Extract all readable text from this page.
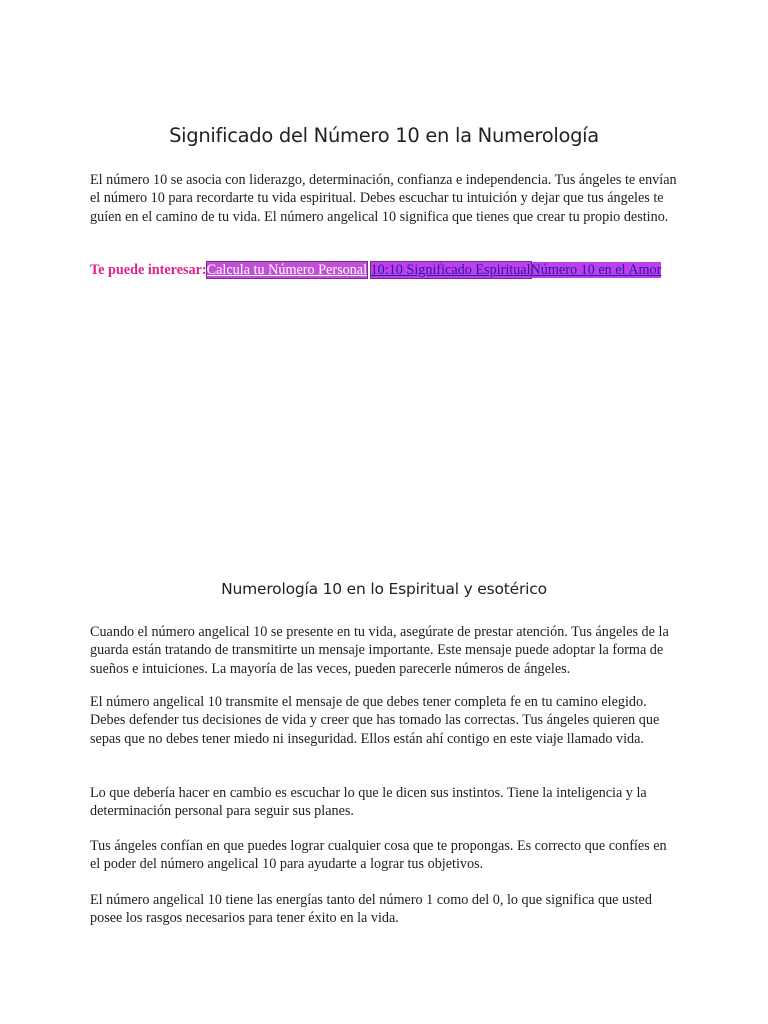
Significado del Número 10 en la Numerología

El número 10 se asocia con liderazgo, determinación, confianza e independencia. Tus ángeles te envían el número 10 para recordarte tu vida espiritual. Debes escuchar tu intuición y dejar que tus ángeles te guíen en el camino de tu vida. El número angelical 10 significa que tienes que crear tu propio destino.

Te puede interesar:Calcula tu Número Personal 10:10 Significado EspiritualNúmero 10 en el Amor

Numerología 10 en lo Espiritual y esotérico

Cuando el número angelical 10 se presente en tu vida, asegúrate de prestar atención. Tus ángeles de la guarda están tratando de transmitirte un mensaje importante. Este mensaje puede adoptar la forma de sueños e intuiciones. La mayoría de las veces, pueden parecerle números de ángeles.

El número angelical 10 transmite el mensaje de que debes tener completa fe en tu camino elegido. Debes defender tus decisiones de vida y creer que has tomado las correctas. Tus ángeles quieren que sepas que no debes tener miedo ni inseguridad. Ellos están ahí contigo en este viaje llamado vida.

Lo que debería hacer en cambio es escuchar lo que le dicen sus instintos. Tiene la inteligencia y la determinación personal para seguir sus planes.

Tus ángeles confían en que puedes lograr cualquier cosa que te propongas. Es correcto que confíes en el poder del número angelical 10 para ayudarte a lograr tus objetivos.

El número angelical 10 tiene las energías tanto del número 1 como del 0, lo que significa que usted posee los rasgos necesarios para tener éxito en la vida.
